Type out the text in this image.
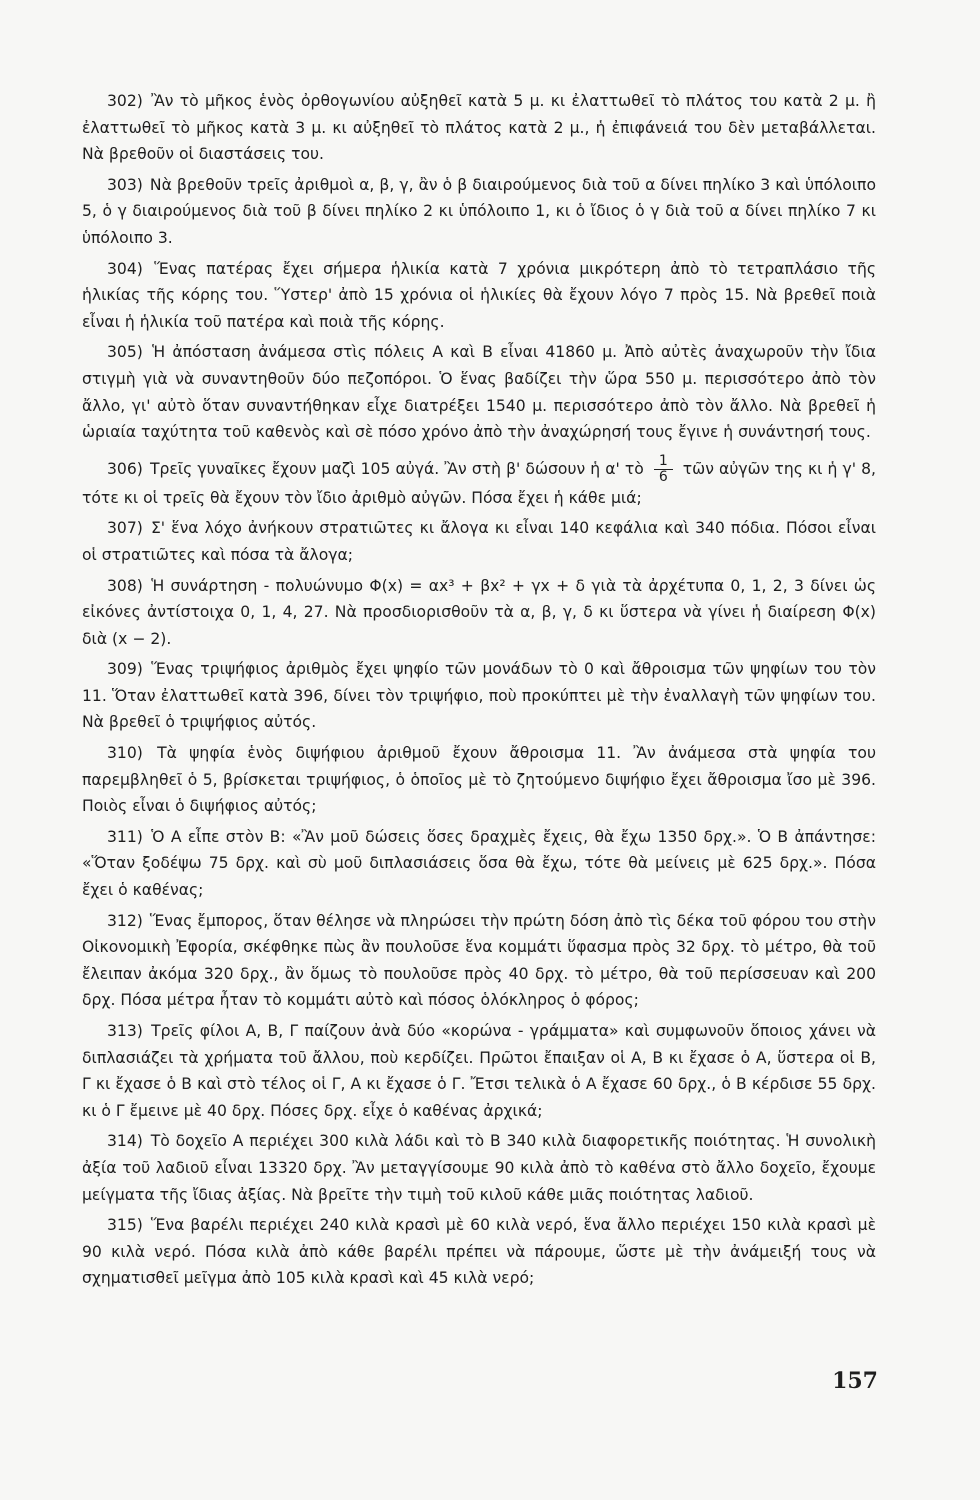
302) Ἂν τὸ μῆκος ἑνὸς ὀρθογωνίου αὐξηθεῖ κατὰ 5 μ. κι ἐλαττωθεῖ τὸ πλάτος του κατὰ 2 μ. ἢ ἐλαττωθεῖ τὸ μῆκος κατὰ 3 μ. κι αὐξηθεῖ τὸ πλάτος κατὰ 2 μ., ἡ ἐπιφάνειά του δὲν μεταβάλλεται. Νὰ βρεθοῦν οἱ διαστάσεις του.

303) Νὰ βρεθοῦν τρεῖς ἀριθμοὶ α, β, γ, ἂν ὁ β διαιρούμενος διὰ τοῦ α δίνει πηλίκο 3 καὶ ὑπόλοιπο 5, ὁ γ διαιρούμενος διὰ τοῦ β δίνει πηλίκο 2 κι ὑπόλοιπο 1, κι ὁ ἴδιος ὁ γ διὰ τοῦ α δίνει πηλίκο 7 κι ὑπόλοιπο 3.

304) Ἕνας πατέρας ἔχει σήμερα ἡλικία κατὰ 7 χρόνια μικρότερη ἀπὸ τὸ τετραπλάσιο τῆς ἡλικίας τῆς κόρης του. Ὕστερ' ἀπὸ 15 χρόνια οἱ ἡλικίες θὰ ἔχουν λόγο 7 πρὸς 15. Νὰ βρεθεῖ ποιὰ εἶναι ἡ ἡλικία τοῦ πατέρα καὶ ποιὰ τῆς κόρης.

305) Ἡ ἀπόσταση ἀνάμεσα στὶς πόλεις Α καὶ Β εἶναι 41860 μ. Ἀπὸ αὐτὲς ἀναχωροῦν τὴν ἴδια στιγμὴ γιὰ νὰ συναντηθοῦν δύο πεζοπόροι. Ὁ ἕνας βαδίζει τὴν ὥρα 550 μ. περισσότερο ἀπὸ τὸν ἄλλο, γι' αὐτὸ ὅταν συναντήθηκαν εἶχε διατρέξει 1540 μ. περισσότερο ἀπὸ τὸν ἄλλο. Νὰ βρεθεῖ ἡ ὡριαία ταχύτητα τοῦ καθενὸς καὶ σὲ πόσο χρόνο ἀπὸ τὴν ἀναχώρησή τους ἔγινε ἡ συνάντησή τους.

306) Τρεῖς γυναῖκες ἔχουν μαζὶ 105 αὐγά. Ἂν στὴ β' δώσουν ἡ α' τὸ $\frac{1}{6}$ τῶν αὐγῶν της κι ἡ γ' 8, τότε κι οἱ τρεῖς θὰ ἔχουν τὸν ἴδιο ἀριθμὸ αὐγῶν. Πόσα ἔχει ἡ κάθε μιά;

307) Σ' ἕνα λόχο ἀνήκουν στρατιῶτες κι ἄλογα κι εἶναι 140 κεφάλια καὶ 340 πόδια. Πόσοι εἶναι οἱ στρατιῶτες καὶ πόσα τὰ ἄλογα;

308) Ἡ συνάρτηση - πολυώνυμο Φ(x) = αx³ + βx² + γx + δ γιὰ τὰ ἀρχέτυπα 0, 1, 2, 3 δίνει ὡς εἰκόνες ἀντίστοιχα 0, 1, 4, 27. Νὰ προσδιορισθοῦν τὰ α, β, γ, δ κι ὕστερα νὰ γίνει ἡ διαίρεση Φ(x) διὰ (x − 2).

309) Ἕνας τριψήφιος ἀριθμὸς ἔχει ψηφίο τῶν μονάδων τὸ 0 καὶ ἄθροισμα τῶν ψηφίων του τὸν 11. Ὅταν ἐλαττωθεῖ κατὰ 396, δίνει τὸν τριψήφιο, ποὺ προκύπτει μὲ τὴν ἐναλλαγὴ τῶν ψηφίων του. Νὰ βρεθεῖ ὁ τριψήφιος αὐτός.

310) Τὰ ψηφία ἑνὸς διψήφιου ἀριθμοῦ ἔχουν ἄθροισμα 11. Ἂν ἀνάμεσα στὰ ψηφία του παρεμβληθεῖ ὁ 5, βρίσκεται τριψήφιος, ὁ ὁποῖος μὲ τὸ ζητούμενο διψήφιο ἔχει ἄθροισμα ἴσο μὲ 396. Ποιὸς εἶναι ὁ διψήφιος αὐτός;

311) Ὁ Α εἶπε στὸν Β: «Ἂν μοῦ δώσεις ὅσες δραχμὲς ἔχεις, θὰ ἔχω 1350 δρχ.». Ὁ Β ἀπάντησε: «Ὅταν ξοδέψω 75 δρχ. καὶ σὺ μοῦ διπλασιάσεις ὅσα θὰ ἔχω, τότε θὰ μείνεις μὲ 625 δρχ.». Πόσα ἔχει ὁ καθένας;

312) Ἕνας ἔμπορος, ὅταν θέλησε νὰ πληρώσει τὴν πρώτη δόση ἀπὸ τὶς δέκα τοῦ φόρου του στὴν Οἰκονομικὴ Ἐφορία, σκέφθηκε πὼς ἂν πουλοῦσε ἕνα κομμάτι ὕφασμα πρὸς 32 δρχ. τὸ μέτρο, θὰ τοῦ ἔλειπαν ἀκόμα 320 δρχ., ἂν ὅμως τὸ πουλοῦσε πρὸς 40 δρχ. τὸ μέτρο, θὰ τοῦ περίσσευαν καὶ 200 δρχ. Πόσα μέτρα ἦταν τὸ κομμάτι αὐτὸ καὶ πόσος ὁλόκληρος ὁ φόρος;

313) Τρεῖς φίλοι Α, Β, Γ παίζουν ἀνὰ δύο «κορώνα - γράμματα» καὶ συμφωνοῦν ὅποιος χάνει νὰ διπλασιάζει τὰ χρήματα τοῦ ἄλλου, ποὺ κερδίζει. Πρῶτοι ἔπαιξαν οἱ Α, Β κι ἔχασε ὁ Α, ὕστερα οἱ Β, Γ κι ἔχασε ὁ Β καὶ στὸ τέλος οἱ Γ, Α κι ἔχασε ὁ Γ. Ἔτσι τελικὰ ὁ Α ἔχασε 60 δρχ., ὁ Β κέρδισε 55 δρχ. κι ὁ Γ ἔμεινε μὲ 40 δρχ. Πόσες δρχ. εἶχε ὁ καθένας ἀρχικά;

314) Τὸ δοχεῖο Α περιέχει 300 κιλὰ λάδι καὶ τὸ Β 340 κιλὰ διαφορετικῆς ποιότητας. Ἡ συνολικὴ ἀξία τοῦ λαδιοῦ εἶναι 13320 δρχ. Ἂν μεταγγίσουμε 90 κιλὰ ἀπὸ τὸ καθένα στὸ ἄλλο δοχεῖο, ἔχουμε μείγματα τῆς ἴδιας ἀξίας. Νὰ βρεῖτε τὴν τιμὴ τοῦ κιλοῦ κάθε μιᾶς ποιότητας λαδιοῦ.

315) Ἕνα βαρέλι περιέχει 240 κιλὰ κρασὶ μὲ 60 κιλὰ νερό, ἕνα ἄλλο περιέχει 150 κιλὰ κρασὶ μὲ 90 κιλὰ νερό. Πόσα κιλὰ ἀπὸ κάθε βαρέλι πρέπει νὰ πάρουμε, ὥστε μὲ τὴν ἀνάμειξή τους νὰ σχηματισθεῖ μεῖγμα ἀπὸ 105 κιλὰ κρασὶ καὶ 45 κιλὰ νερό;

157
